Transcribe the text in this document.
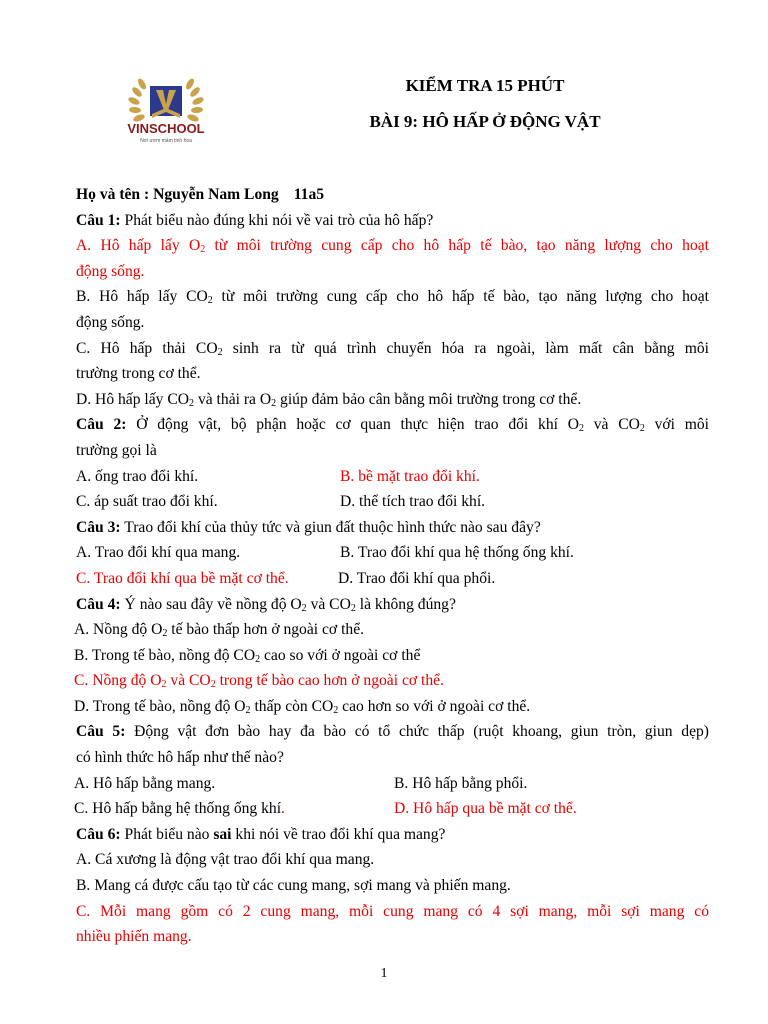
VINSCHOOL
Nơi ươm mầm tinh hoa
KIỂM TRA 15 PHÚT
BÀI 9: HÔ HẤP Ở ĐỘNG VẬT
Họ và tên : Nguyễn Nam Long 11a5
Câu 1: Phát biểu nào đúng khi nói về vai trò của hô hấp?
A. Hô hấp lấy $O_2$ từ môi trường cung cấp cho hô hấp tế bào, tạo năng lượng cho hoạt
động sống.
B. Hô hấp lấy $CO_2$ từ môi trường cung cấp cho hô hấp tế bào, tạo năng lượng cho hoạt
động sống.
C. Hô hấp thải $CO_2$ sinh ra từ quá trình chuyển hóa ra ngoài, làm mất cân bằng môi
trường trong cơ thể.
D. Hô hấp lấy $CO_2$ và thải ra $O_2$ giúp đảm bảo cân bằng môi trường trong cơ thể.
Câu 2: Ở động vật, bộ phận hoặc cơ quan thực hiện trao đổi khí $O_2$ và $CO_2$ với môi
trường gọi là
A. ống trao đổi khí.	B. bề mặt trao đổi khí.
C. áp suất trao đổi khí.	D. thể tích trao đổi khí.
Câu 3: Trao đổi khí của thủy tức và giun đất thuộc hình thức nào sau đây?
A. Trao đổi khí qua mang.	B. Trao đổi khí qua hệ thống ống khí.
C. Trao đổi khí qua bề mặt cơ thể.	D. Trao đổi khí qua phổi.
Câu 4: Ý nào sau đây về nồng độ $O_2$ và $CO_2$ là không đúng?
A. Nồng độ $O_2$ tế bào thấp hơn ở ngoài cơ thể.
B. Trong tế bào, nồng độ $CO_2$ cao so với ở ngoài cơ thể
C. Nồng độ $O_2$ và $CO_2$ trong tế bào cao hơn ở ngoài cơ thể.
D. Trong tế bào, nồng độ $O_2$ thấp còn $CO_2$ cao hơn so với ở ngoài cơ thể.
Câu 5: Động vật đơn bào hay đa bào có tổ chức thấp (ruột khoang, giun tròn, giun dẹp)
có hình thức hô hấp như thế nào?
A. Hô hấp bằng mang.	B. Hô hấp bằng phổi.
C. Hô hấp bằng hệ thống ống khí.	D. Hô hấp qua bề mặt cơ thể.
Câu 6: Phát biểu nào sai khi nói về trao đổi khí qua mang?
A. Cá xương là động vật trao đổi khí qua mang.
B. Mang cá được cấu tạo từ các cung mang, sợi mang và phiến mang.
C. Mỗi mang gồm có 2 cung mang, mỗi cung mang có 4 sợi mang, mỗi sợi mang có
nhiều phiến mang.
1
